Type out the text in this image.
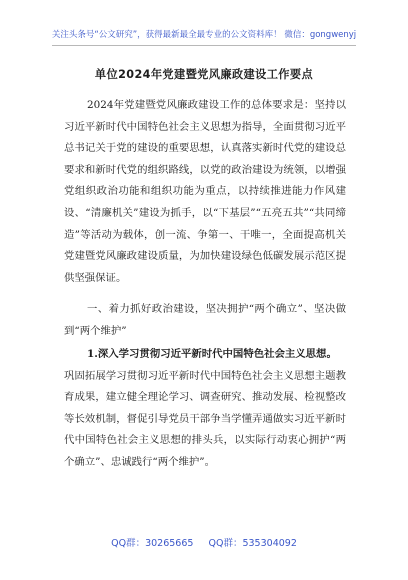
关注头条号“公文研究”，获得最新最全最专业的公文资料库！ 微信：gongwenyj
单位2024年党建暨党风廉政建设工作要点

2024年党建暨党风廉政建设工作的总体要求是：坚持以习近平新时代中国特色社会主义思想为指导，全面贯彻习近平总书记关于党的建设的重要思想，认真落实新时代党的建设总要求和新时代党的组织路线，以党的政治建设为统领，以增强党组织政治功能和组织功能为重点，以持续推进能力作风建设、“清廉机关”建设为抓手，以“下基层”“五亮五共”“共同缔造”等活动为载体，创一流、争第一、干唯一，全面提高机关党建暨党风廉政建设质量，为加快建设绿色低碳发展示范区提供坚强保证。

一、着力抓好政治建设，坚决拥护“两个确立”、坚决做到“两个维护”

1.深入学习贯彻习近平新时代中国特色社会主义思想。
巩固拓展学习贯彻习近平新时代中国特色社会主义思想主题教育成果，建立健全理论学习、调查研究、推动发展、检视整改等长效机制，督促引导党员干部争当学懂弄通做实习近平新时代中国特色社会主义思想的排头兵，以实际行动衷心拥护“两个确立”、忠诚践行“两个维护”。

QQ群：30265665     QQ群：535304092
